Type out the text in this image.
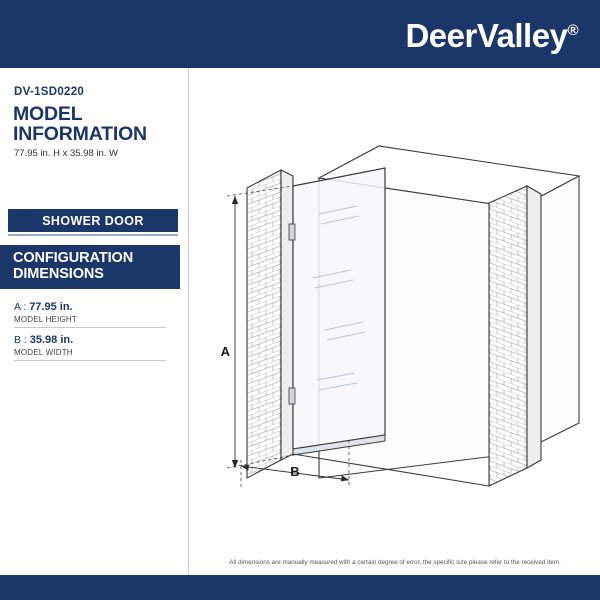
DeerValley®
DV-1SD0220
MODEL
INFORMATION
77.95 in. H x 35.98 in. W
SHOWER DOOR
CONFIGURATION
DIMENSIONS
A : 77.95 in.
MODEL HEIGHT
B : 35.98 in.
MODEL WIDTH	A
B
All dimensions are manually measured with a certain degree of error, the specific size please refer to the received item.
